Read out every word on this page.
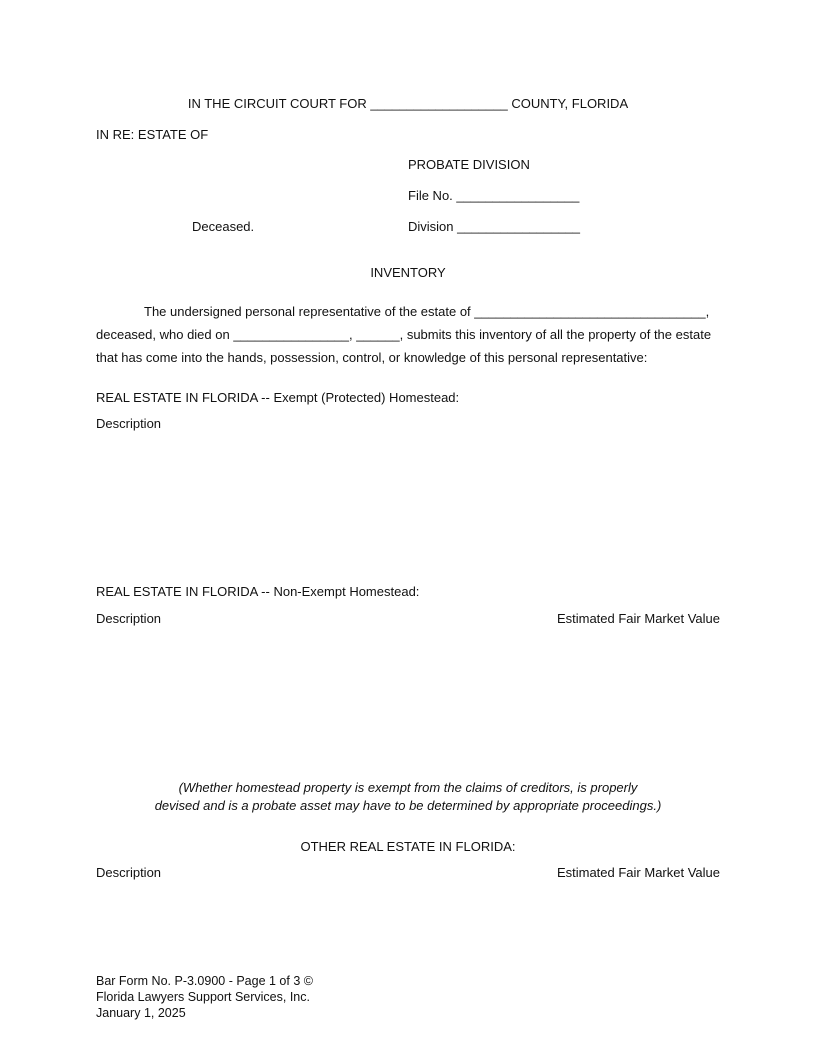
IN THE CIRCUIT COURT FOR ___________________ COUNTY, FLORIDA
IN RE: ESTATE OF
PROBATE DIVISION
File No. _________________
Deceased.	Division _________________
INVENTORY
The undersigned personal representative of the estate of ________________________________,
deceased, who died on ________________, ______, submits this inventory of all the property of the estate
that has come into the hands, possession, control, or knowledge of this personal representative:
REAL ESTATE IN FLORIDA -- Exempt (Protected) Homestead:
Description
REAL ESTATE IN FLORIDA -- Non-Exempt Homestead:
Description	Estimated Fair Market Value
(Whether homestead property is exempt from the claims of creditors, is properly
devised and is a probate asset may have to be determined by appropriate proceedings.)
OTHER REAL ESTATE IN FLORIDA:
Description	Estimated Fair Market Value
Bar Form No. P-3.0900 - Page 1 of 3 ©
Florida Lawyers Support Services, Inc.
January 1, 2025
